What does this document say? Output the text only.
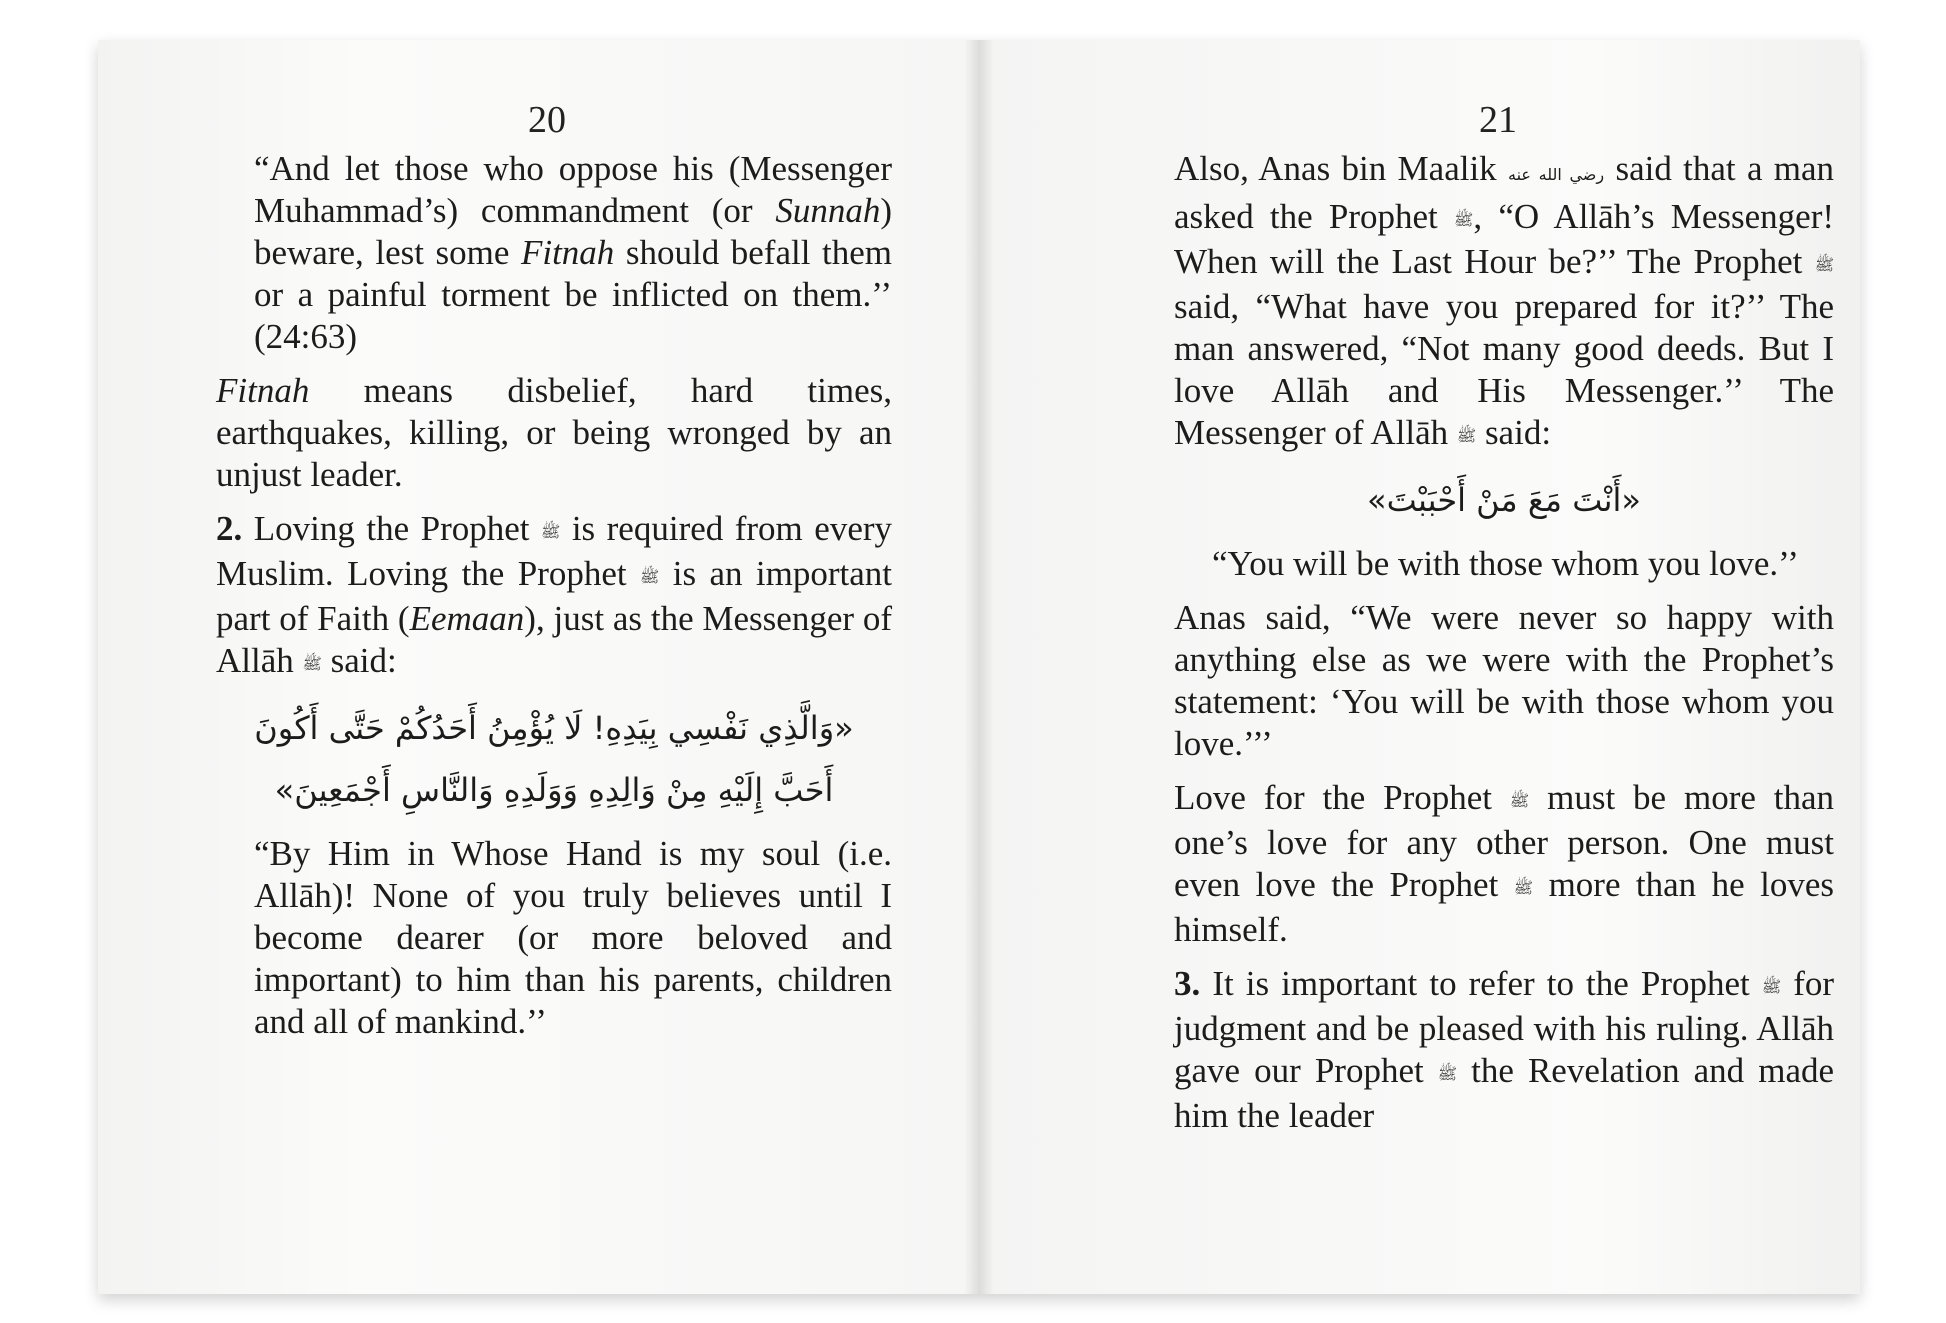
20

“And let those who oppose his (Messenger Muhammad’s) commandment (or Sunnah) beware, lest some Fitnah should befall them or a painful torment be inflicted on them.’’ (24:63)

Fitnah means disbelief, hard times, earthquakes, killing, or being wronged by an unjust leader.

2. Loving the Prophet ﷺ is required from every Muslim. Loving the Prophet ﷺ is an important part of Faith (Eemaan), just as the Messenger of Allāh ﷺ said:

«وَالَّذِي نَفْسِي بِيَدِهِ! لَا يُؤْمِنُ أَحَدُكُمْ حَتَّى أَكُونَ
أَحَبَّ إِلَيْهِ مِنْ وَالِدِهِ وَوَلَدِهِ وَالنَّاسِ أَجْمَعِينَ»

“By Him in Whose Hand is my soul (i.e. Allāh)! None of you truly believes until I become dearer (or more beloved and important) to him than his parents, children and all of mankind.’’

21

Also, Anas bin Maalik رضي الله عنه said that a man asked the Prophet ﷺ, “O Allāh’s Messenger! When will the Last Hour be?’’ The Prophet ﷺ said, “What have you prepared for it?’’ The man answered, “Not many good deeds. But I love Allāh and His Messenger.’’ The Messenger of Allāh ﷺ said:

«أَنْتَ مَعَ مَنْ أَحْبَبْتَ»

“You will be with those whom you love.’’

Anas said, “We were never so happy with anything else as we were with the Prophet’s statement: ‘You will be with those whom you love.’’’

Love for the Prophet ﷺ must be more than one’s love for any other person. One must even love the Prophet ﷺ more than he loves himself.

3. It is important to refer to the Prophet ﷺ for judgment and be pleased with his ruling. Allāh gave our Prophet ﷺ the Revelation and made him the leader
